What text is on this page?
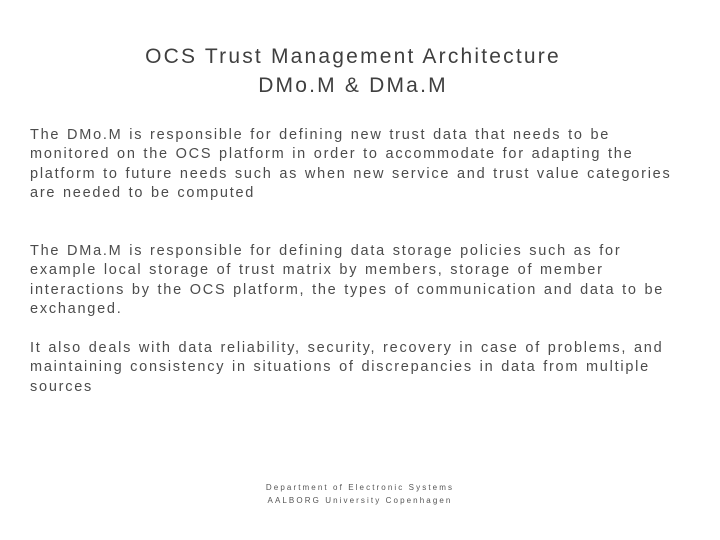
OCS Trust Management Architecture
DMo.M & DMa.M
The DMo.M is responsible for defining new trust data that needs to be monitored on the OCS platform in order to accommodate for adapting the platform to future needs such as when new service and trust value categories are needed to be computed
The DMa.M is responsible for defining data storage policies such as for example local storage of trust matrix by members, storage of member interactions by the OCS platform, the types of communication and data to be exchanged.
It also deals with data reliability, security, recovery in case of problems, and maintaining consistency in situations of discrepancies in data from multiple sources
Department of Electronic Systems
AALBORG University Copenhagen
